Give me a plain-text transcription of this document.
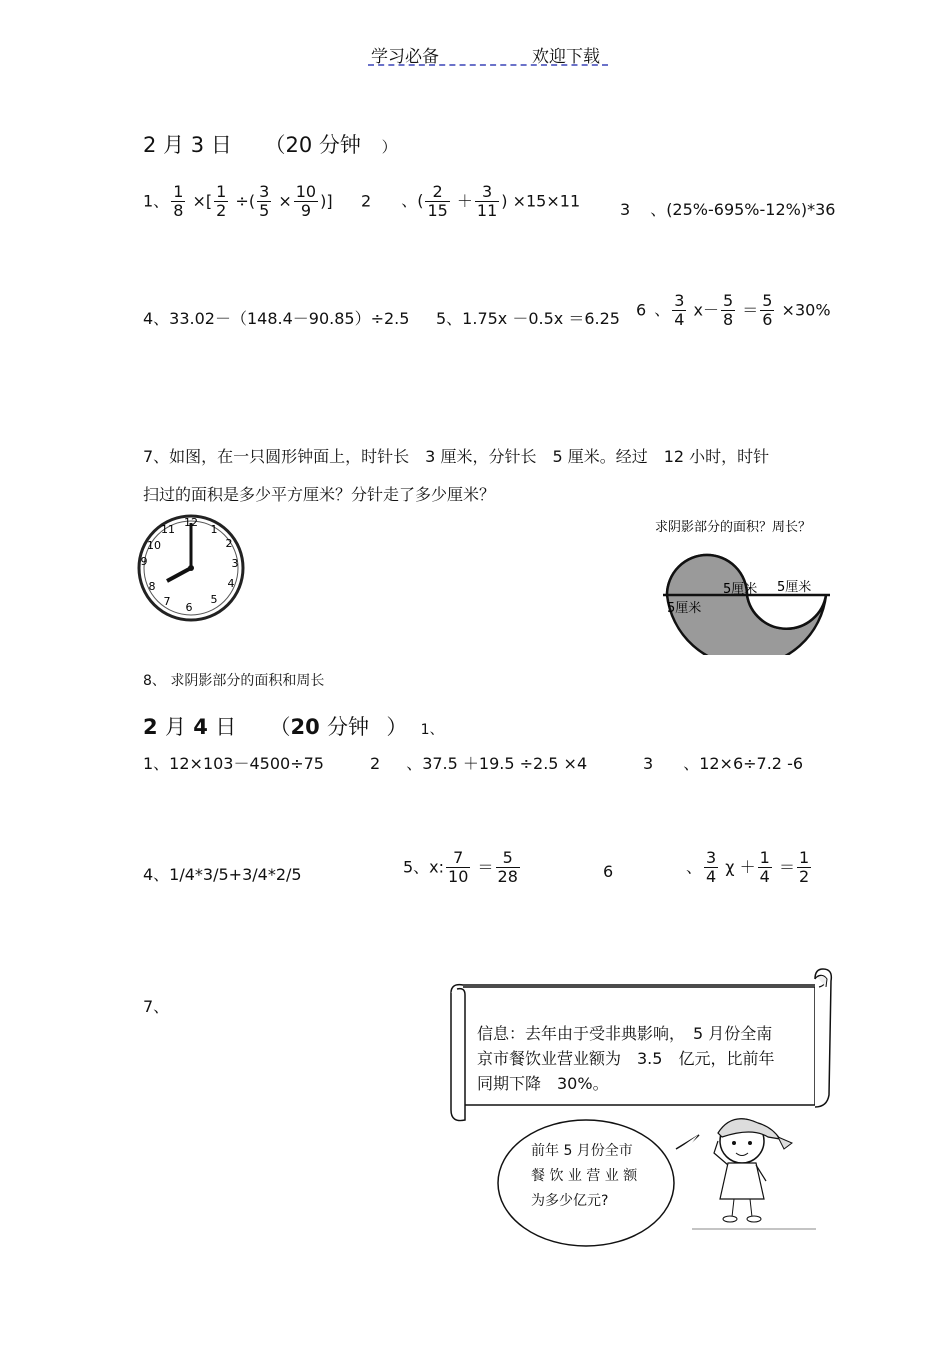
学习必备	欢迎下载
2 月 3 日 （20 分钟 ）
1、 $\frac{1}{8}$ ×[ $\frac{1}{2}$ ÷( $\frac{3}{5} \times \frac{10}{9}$ )] 2 、( $\frac{2}{15} + \frac{3}{11}$ ) ×15×11 3 、(25%-695%-12%)*36
4、33.02－（148.4－90.85）÷2.5 5、1.75x －0.5x ＝6.25 6 、 $\frac{3}{4} x- \frac{5}{8} = \frac{5}{6} \times 30\%$
7、如图，在一只圆形钟面上，时针长　3 厘米，分针长　5 厘米。经过　12 小时，时针
扫过的面积是多少平方厘米？分针走了多少厘米？
12
1
2
3
4
5
6
7
8
9
10
11	求阴影部分的面积？周长？
5厘米
5厘米 5厘米
8、 求阴影部分的面积和周长
2 月 4 日 （20 分钟 ） 1、
1、12×103－4500÷75	2 、37.5 ＋19.5 ÷2.5 ×4	3 、12×6÷7.2 -6
4、1/4*3/5+3/4*2/5	5、x: $\frac{7}{10} = \frac{5}{28}$	6	、 $\frac{3}{4}$ $\chi + \frac{1}{4} = \frac{1}{2}$
7、
信息：去年由于受非典影响，　5 月份全南
京市餐饮业营业额为　3.5　亿元，比前年
同期下降　30%。
前年 5 月份全市
餐 饮 业 营 业 额
为多少亿元?
